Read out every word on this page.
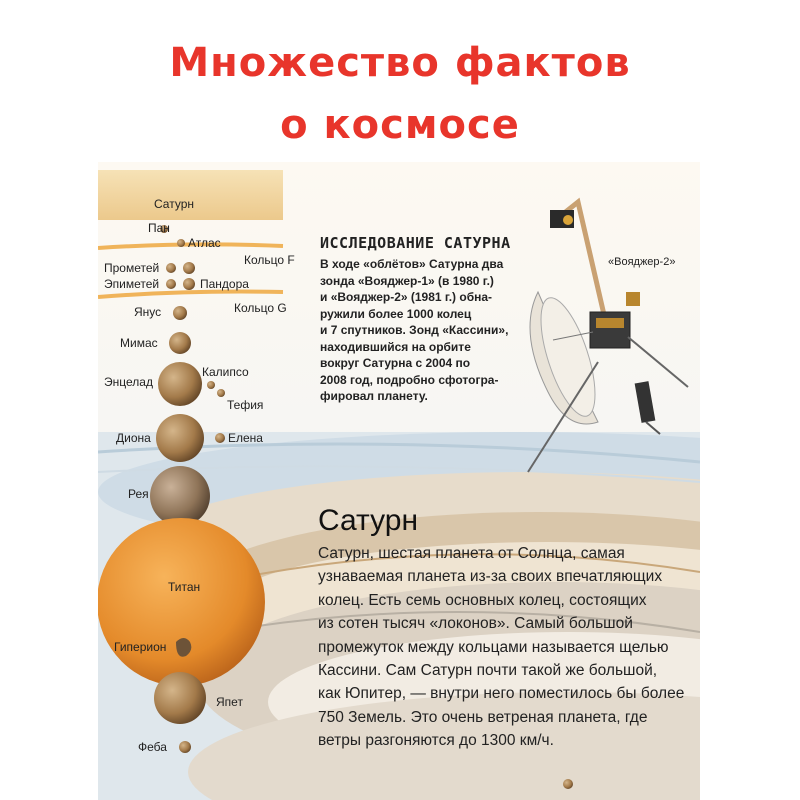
Множество фактов
о космосе
Сатурн
Пан
Атлас
Прометей
Кольцо F
Эпиметей	Пандора
Янус	Кольцо G
Мимас
Энцелад
Калипсо
Тефия
Диона	Елена
Рея
Титан
Гиперион
Япет
Феба
ИССЛЕДОВАНИЕ САТУРНА
В ходе «облётов» Сатурна два
зонда «Вояджер-1» (в 1980 г.)
и «Вояджер-2» (1981 г.) обна-
ружили более 1000 колец
и 7 спутников. Зонд «Кассини»,
находившийся на орбите
вокруг Сатурна с 2004 по
2008 год, подробно сфотогра-
фировал планету.
«Вояджер-2»
Сатурн
Сатурн, шестая планета от Солнца, самая
узнаваемая планета из-за своих впечатляющих
колец. Есть семь основных колец, состоящих
из сотен тысяч «локонов». Самый большой
промежуток между кольцами называется щелью
Кассини. Сам Сатурн почти такой же большой,
как Юпитер, — внутри него поместилось бы более
750 Земель. Это очень ветреная планета, где
ветры разгоняются до 1300 км/ч.
